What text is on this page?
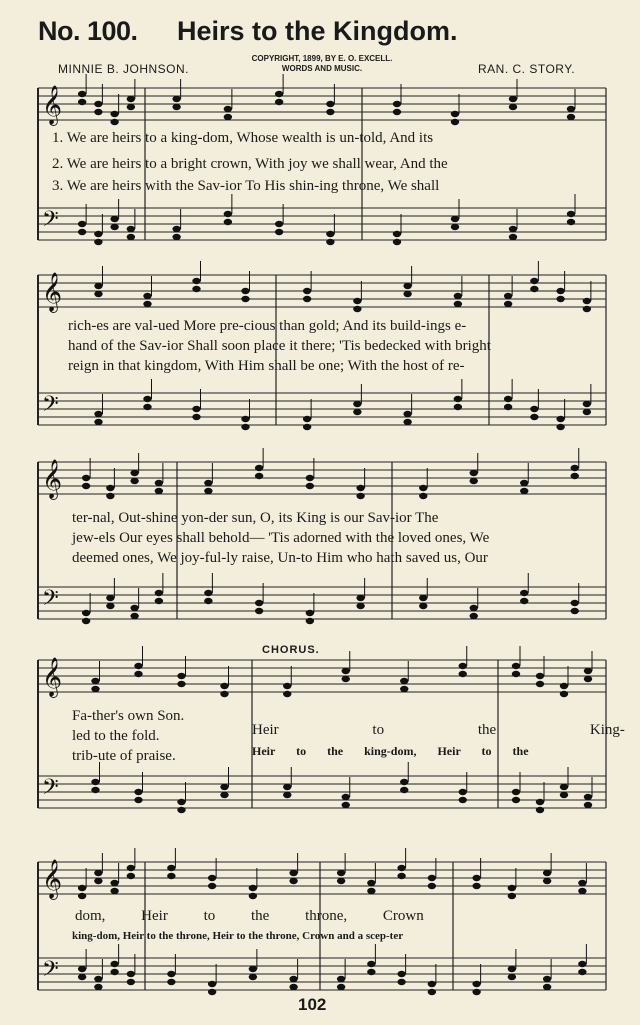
No. 100. Heirs to the Kingdom.
MINNIE B. JOHNSON.
COPYRIGHT, 1899, BY E. O. EXCELL.
WORDS AND MUSIC.	RAN. C. STORY.
𝄞
𝄢
𝄞
𝄢
𝄞
𝄢
𝄞
𝄢
𝄞
𝄢
1. We are heirs to a king-dom, Whose wealth is un-told, And its
2. We are heirs to a bright crown, With joy we shall wear, And the
3. We are heirs with the Sav-ior To His shin-ing throne, We shall
rich-es are val-ued More pre-cious than gold; And its build-ings e-
hand of the Sav-ior Shall soon place it there; 'Tis bedecked with bright
reign in that kingdom, With Him shall be one; With the host of re-
ter-nal, Out-shine yon-der sun, O, its King is our Sav-ior The
jew-els Our eyes shall behold— 'Tis adorned with the loved ones, We
deemed ones, We joy-ful-ly raise, Un-to Him who hath saved us, Our
CHORUS.
Fa-ther's own Son.
led to the fold.
trib-ute of praise.
Heir to the King-
Heir to the king-dom, Heir to the
dom, Heir to the throne, Crown
king-dom, Heir to the throne, Heir to the throne, Crown and a scep-ter
102
